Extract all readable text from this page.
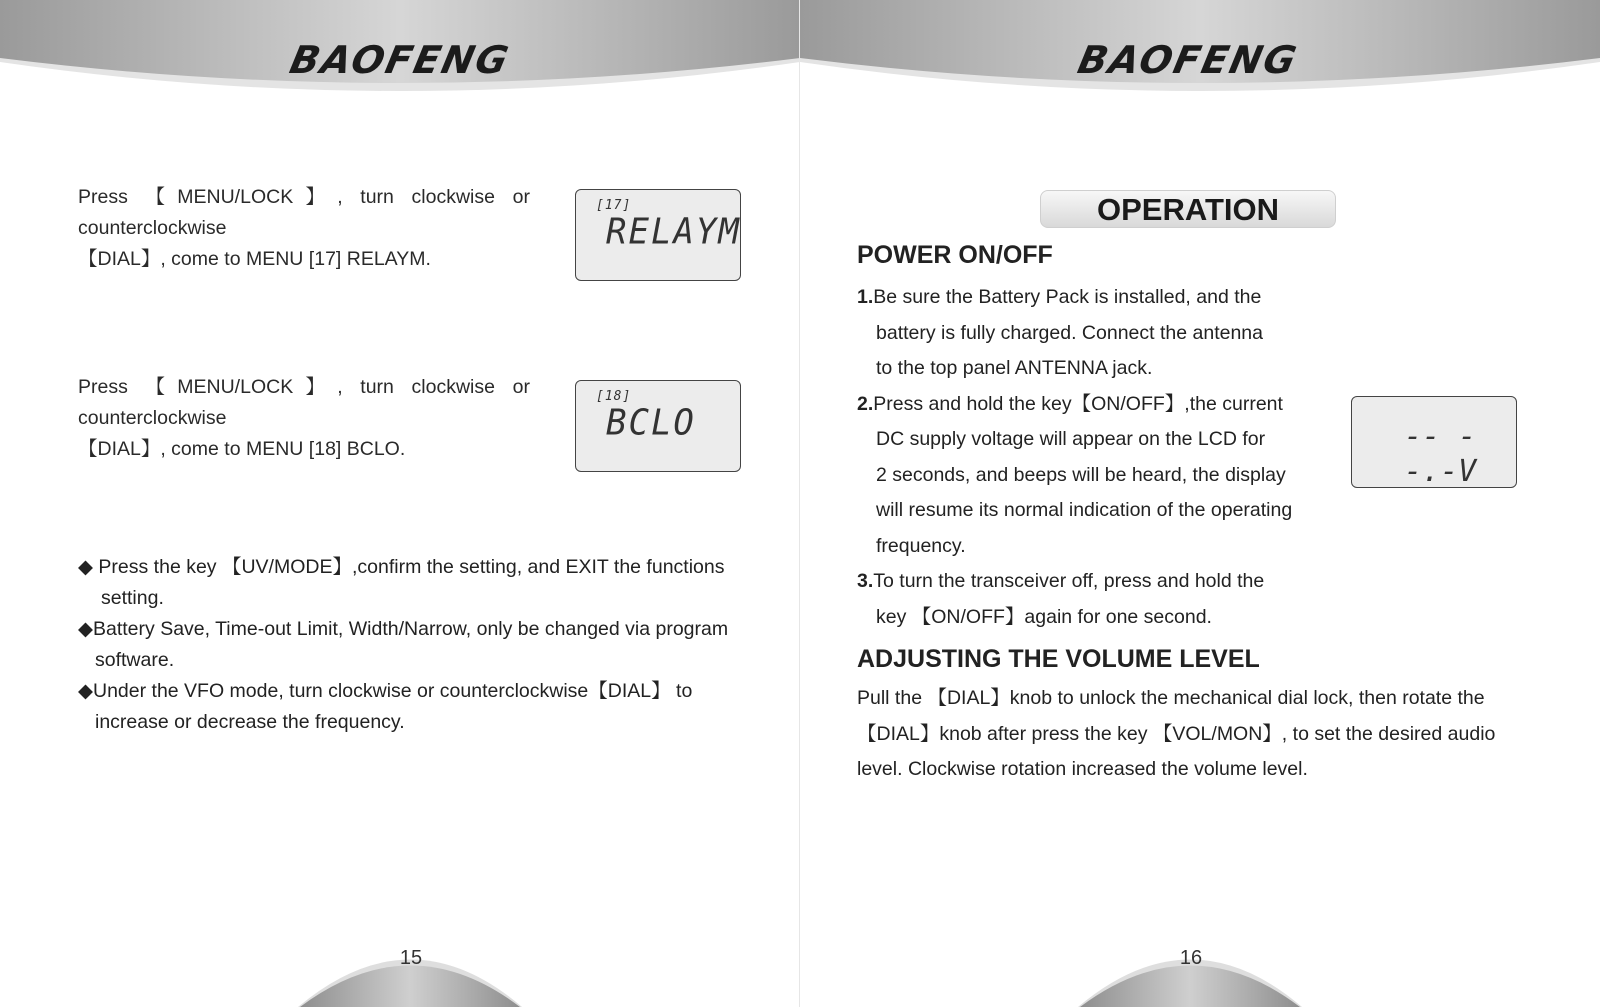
BAOFENG
Press 【MENU/LOCK】, turn clockwise or
counterclockwise
【DIAL】, come to MENU [17] RELAYM.
[17]
RELAYM
Press 【MENU/LOCK】, turn clockwise or
counterclockwise
【DIAL】, come to MENU [18] BCLO.
[18]
BCLO
◆ Press the key 【UV/MODE】,confirm the setting, and EXIT the functions
setting.
◆Battery Save, Time-out Limit, Width/Narrow, only be changed via program
software.
◆Under the VFO mode, turn clockwise or counterclockwise【DIAL】 to
increase or decrease the frequency.
15
BAOFENG
OPERATION
POWER ON/OFF
1.Be sure the Battery Pack is installed, and the
battery is fully charged. Connect the antenna
to the top panel ANTENNA jack.
2.Press and hold the key【ON/OFF】,the current
DC supply voltage will appear on the LCD for
2 seconds, and beeps will be heard, the display
will resume its normal indication of the operating
frequency.
3.To turn the transceiver off, press and hold the
key 【ON/OFF】again for one second.
-- --.-V
ADJUSTING THE VOLUME LEVEL
Pull the 【DIAL】knob to unlock the mechanical dial lock, then rotate the
【DIAL】knob after press the key 【VOL/MON】, to set the desired audio
level. Clockwise rotation increased the volume level.
16
